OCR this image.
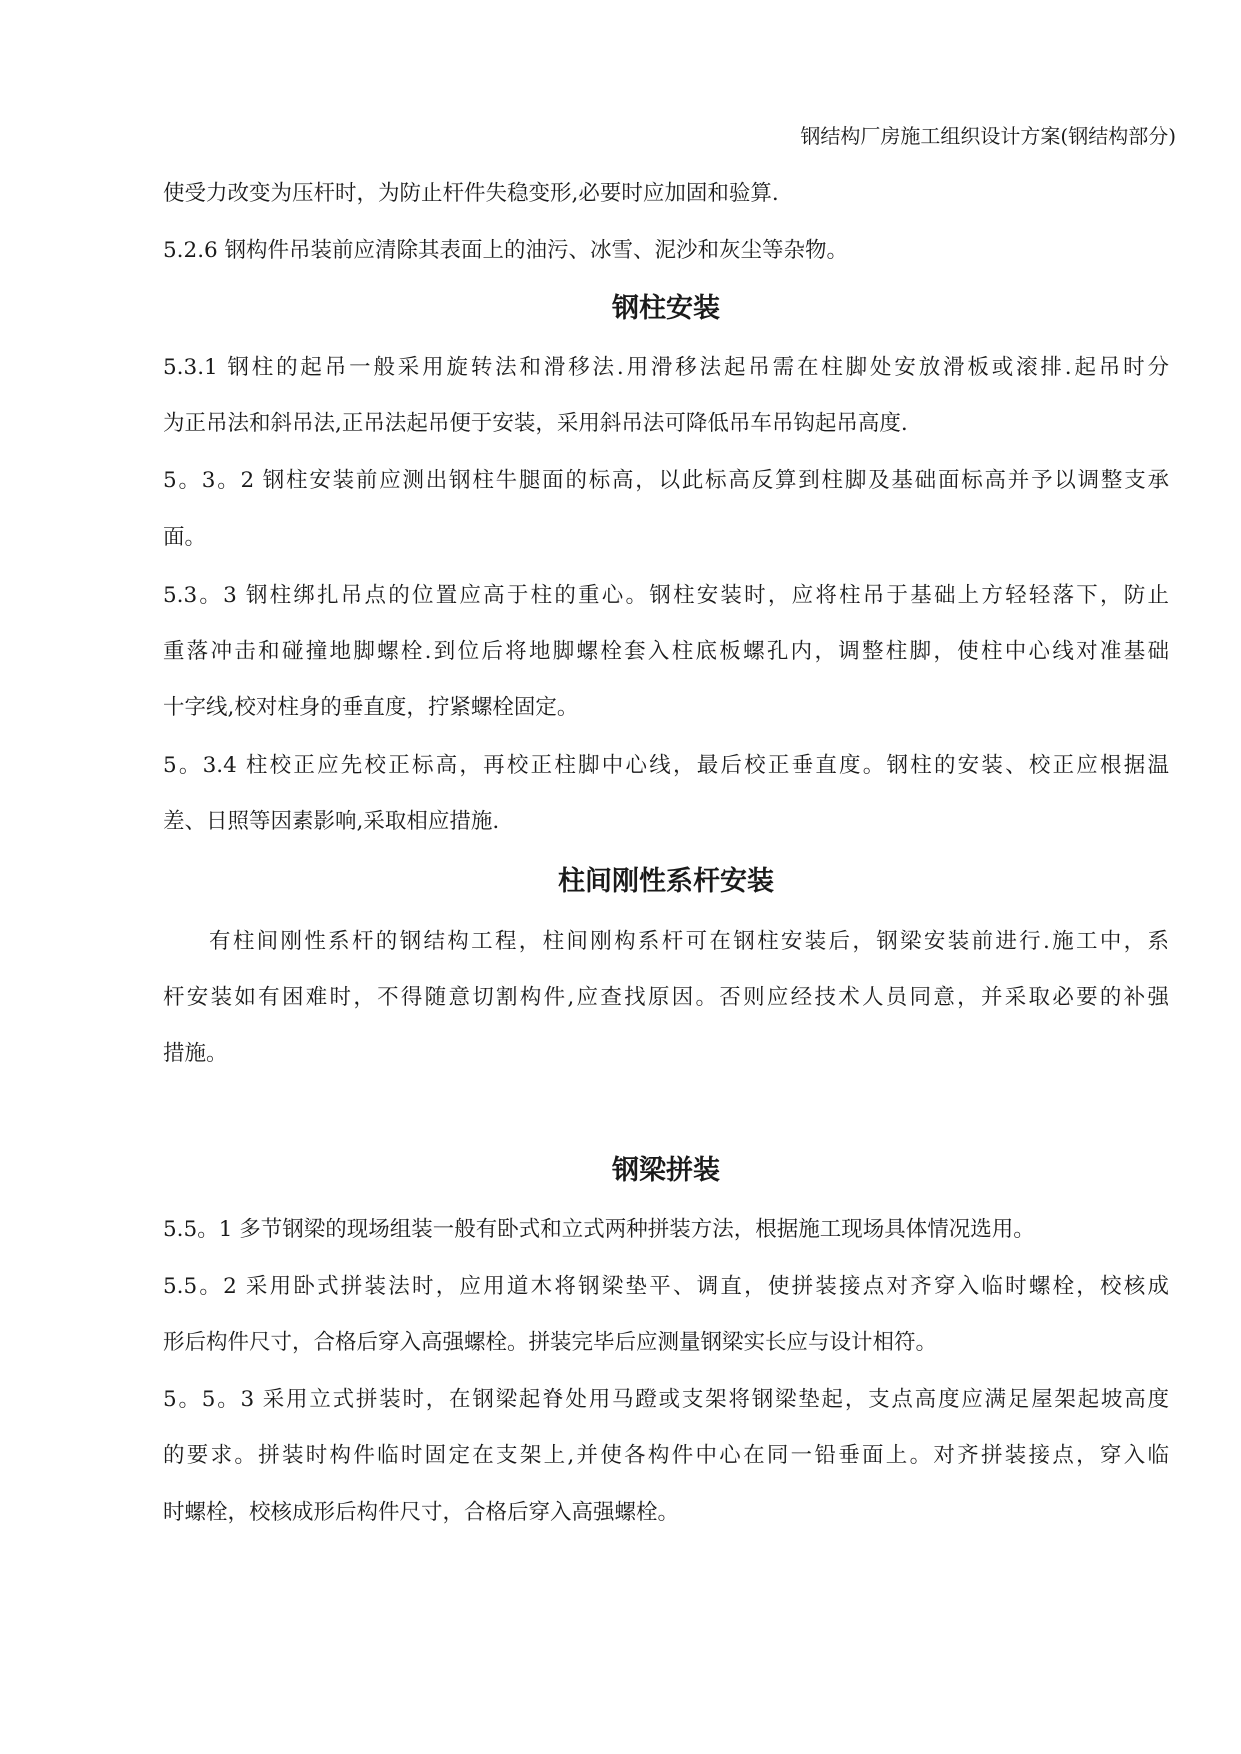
钢结构厂房施工组织设计方案(钢结构部分)
使受力改变为压杆时，为防止杆件失稳变形,必要时应加固和验算.
5.2.6 钢构件吊装前应清除其表面上的油污、冰雪、泥沙和灰尘等杂物。
钢柱安装
5.3.1 钢柱的起吊一般采用旋转法和滑移法.用滑移法起吊需在柱脚处安放滑板或滚排.起吊时分
为正吊法和斜吊法,正吊法起吊便于安装，采用斜吊法可降低吊车吊钩起吊高度.
5。3。2 钢柱安装前应测出钢柱牛腿面的标高，以此标高反算到柱脚及基础面标高并予以调整支承
面。
5.3。3 钢柱绑扎吊点的位置应高于柱的重心。钢柱安装时，应将柱吊于基础上方轻轻落下，防止
重落冲击和碰撞地脚螺栓.到位后将地脚螺栓套入柱底板螺孔内，调整柱脚，使柱中心线对准基础
十字线,校对柱身的垂直度，拧紧螺栓固定。
5。3.4 柱校正应先校正标高，再校正柱脚中心线，最后校正垂直度。钢柱的安装、校正应根据温
差、日照等因素影响,采取相应措施.
柱间刚性系杆安装
有柱间刚性系杆的钢结构工程，柱间刚构系杆可在钢柱安装后，钢梁安装前进行.施工中，系
杆安装如有困难时，不得随意切割构件,应查找原因。否则应经技术人员同意，并采取必要的补强
措施。
钢梁拼装
5.5。1 多节钢梁的现场组装一般有卧式和立式两种拼装方法，根据施工现场具体情况选用。
5.5。2 采用卧式拼装法时，应用道木将钢梁垫平、调直，使拼装接点对齐穿入临时螺栓，校核成
形后构件尺寸，合格后穿入高强螺栓。拼装完毕后应测量钢梁实长应与设计相符。
5。5。3 采用立式拼装时，在钢梁起脊处用马蹬或支架将钢梁垫起，支点高度应满足屋架起坡高度
的要求。拼装时构件临时固定在支架上,并使各构件中心在同一铅垂面上。对齐拼装接点，穿入临
时螺栓，校核成形后构件尺寸，合格后穿入高强螺栓。
